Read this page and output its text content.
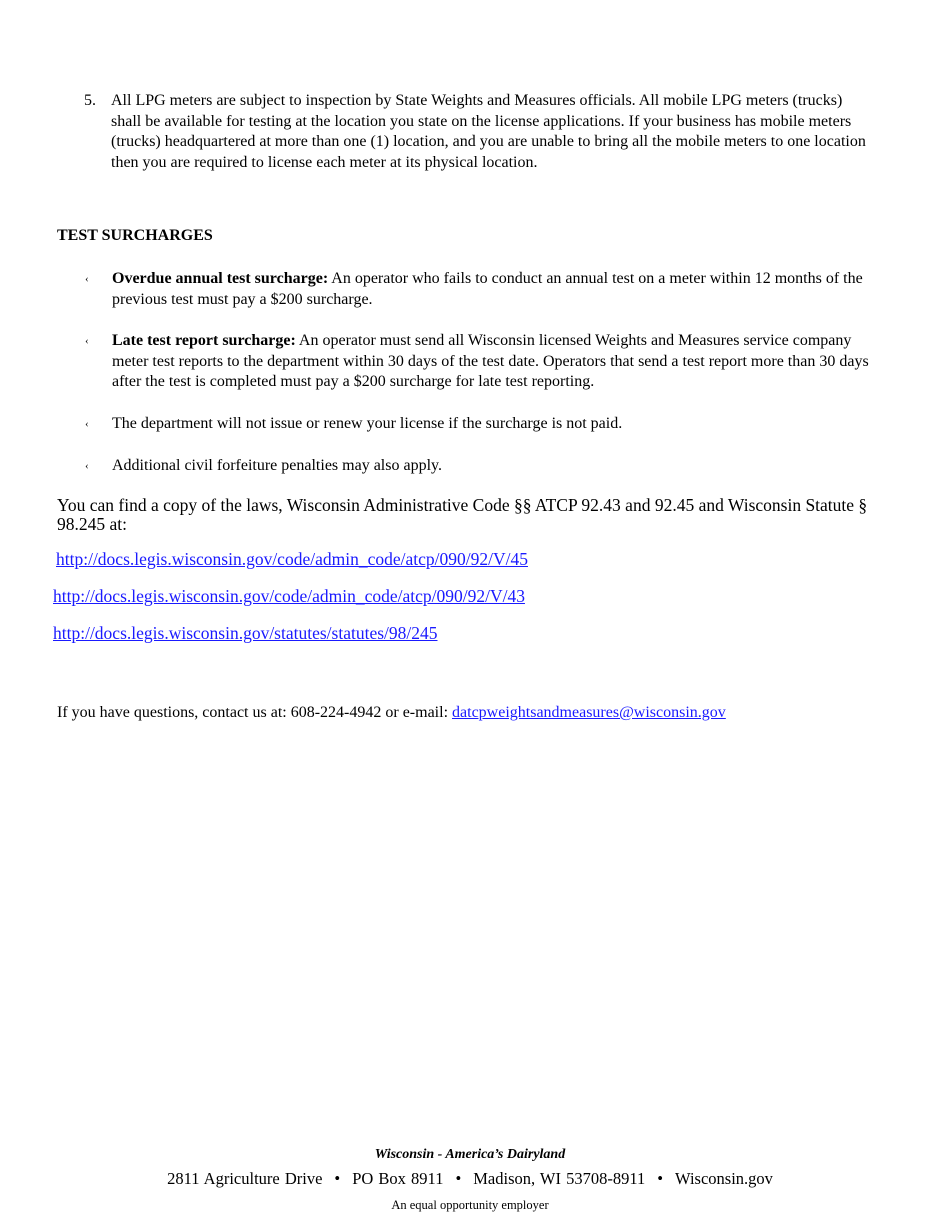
5. All LPG meters are subject to inspection by State Weights and Measures officials. All mobile LPG meters (trucks) shall be available for testing at the location you state on the license applications. If your business has mobile meters (trucks) headquartered at more than one (1) location, and you are unable to bring all the mobile meters to one location then you are required to license each meter at its physical location.
TEST SURCHARGES
‹ Overdue annual test surcharge: An operator who fails to conduct an annual test on a meter within 12 months of the previous test must pay a $200 surcharge.
‹ Late test report surcharge: An operator must send all Wisconsin licensed Weights and Measures service company meter test reports to the department within 30 days of the test date. Operators that send a test report more than 30 days after the test is completed must pay a $200 surcharge for late test reporting.
‹ The department will not issue or renew your license if the surcharge is not paid.
‹ Additional civil forfeiture penalties may also apply.
You can find a copy of the laws, Wisconsin Administrative Code §§ ATCP 92.43 and 92.45 and Wisconsin Statute § 98.245 at:
http://docs.legis.wisconsin.gov/code/admin_code/atcp/090/92/V/45
http://docs.legis.wisconsin.gov/code/admin_code/atcp/090/92/V/43
http://docs.legis.wisconsin.gov/statutes/statutes/98/245
If you have questions, contact us at: 608-224-4942 or e-mail: datcpweightsandmeasures@wisconsin.gov
Wisconsin - America’s Dairyland
2811 Agriculture Drive • PO Box 8911 • Madison, WI 53708-8911 • Wisconsin.gov
An equal opportunity employer
